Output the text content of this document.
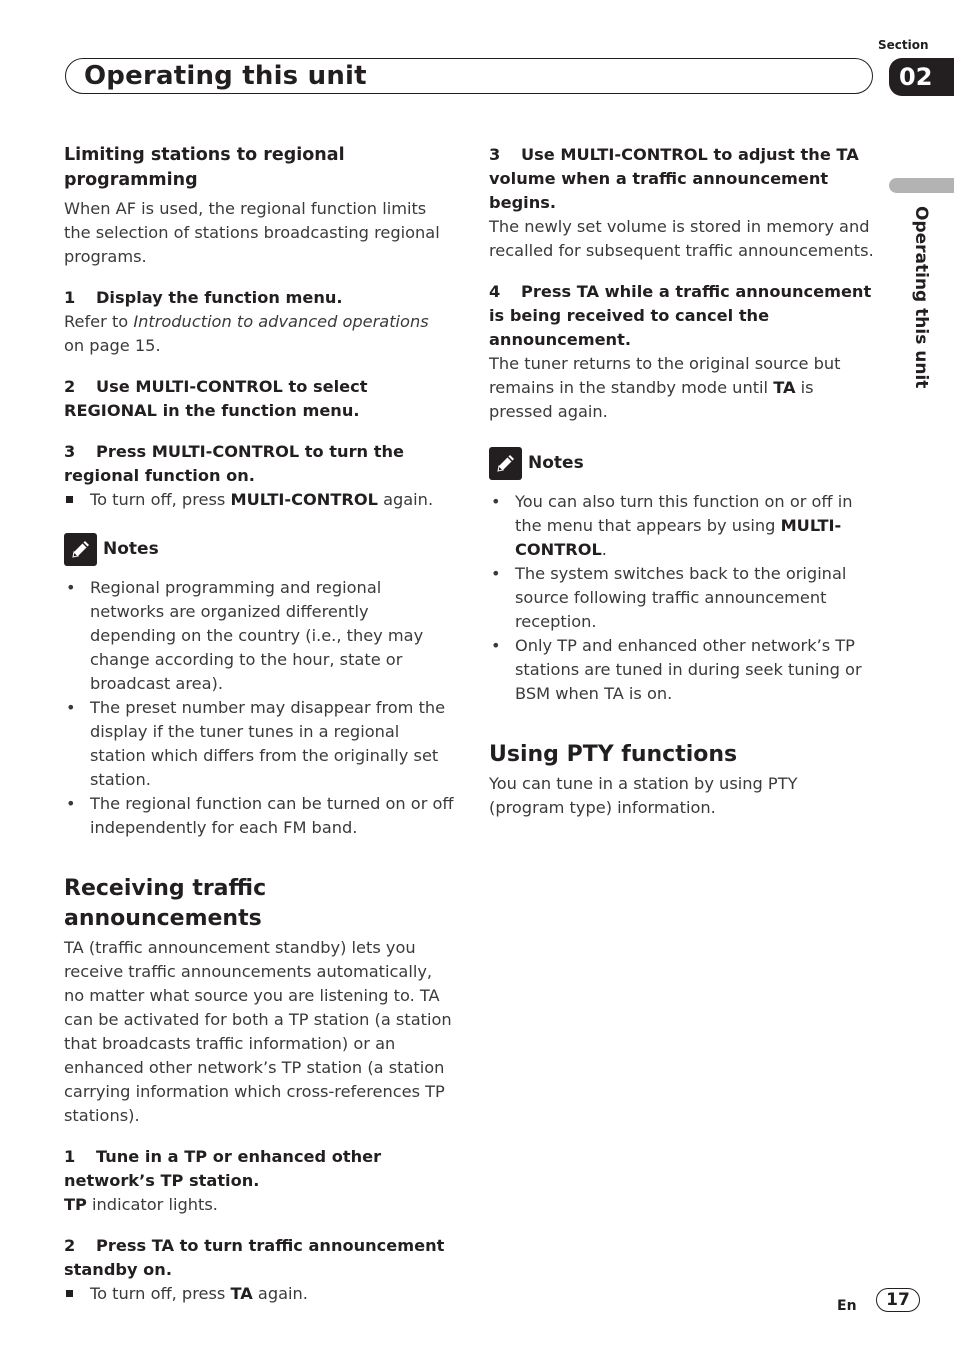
Section
Operating this unit	02
Operating this unit

Limiting stations to regional programming

When AF is used, the regional function limits the selection of stations broadcasting regional programs.

1 Display the function menu.

Refer to Introduction to advanced operations on page 15.

2 Use MULTI-CONTROL to select REGIONAL in the function menu.

3 Press MULTI-CONTROL to turn the regional function on.

To turn off, press MULTI-CONTROL again.
Notes
• Regional programming and regional networks are organized differently depending on the country (i.e., they may change according to the hour, state or broadcast area).
• The preset number may disappear from the display if the tuner tunes in a regional station which differs from the originally set station.
• The regional function can be turned on or off independently for each FM band.

Receiving traffic announcements

TA (traffic announcement standby) lets you receive traffic announcements automatically, no matter what source you are listening to. TA can be activated for both a TP station (a station that broadcasts traffic information) or an enhanced other network’s TP station (a station carrying information which cross-references TP stations).

1 Tune in a TP or enhanced other network’s TP station.

TP indicator lights.

2 Press TA to turn traffic announcement standby on.

To turn off, press TA again.

3 Use MULTI-CONTROL to adjust the TA volume when a traffic announcement begins.

The newly set volume is stored in memory and recalled for subsequent traffic announcements.

4 Press TA while a traffic announcement is being received to cancel the announcement.

The tuner returns to the original source but remains in the standby mode until TA is pressed again.

Notes
• You can also turn this function on or off in the menu that appears by using MULTI-CONTROL.
• The system switches back to the original source following traffic announcement reception.
• Only TP and enhanced other network’s TP stations are tuned in during seek tuning or BSM when TA is on.

Using PTY functions

You can tune in a station by using PTY (program type) information.

En	17
